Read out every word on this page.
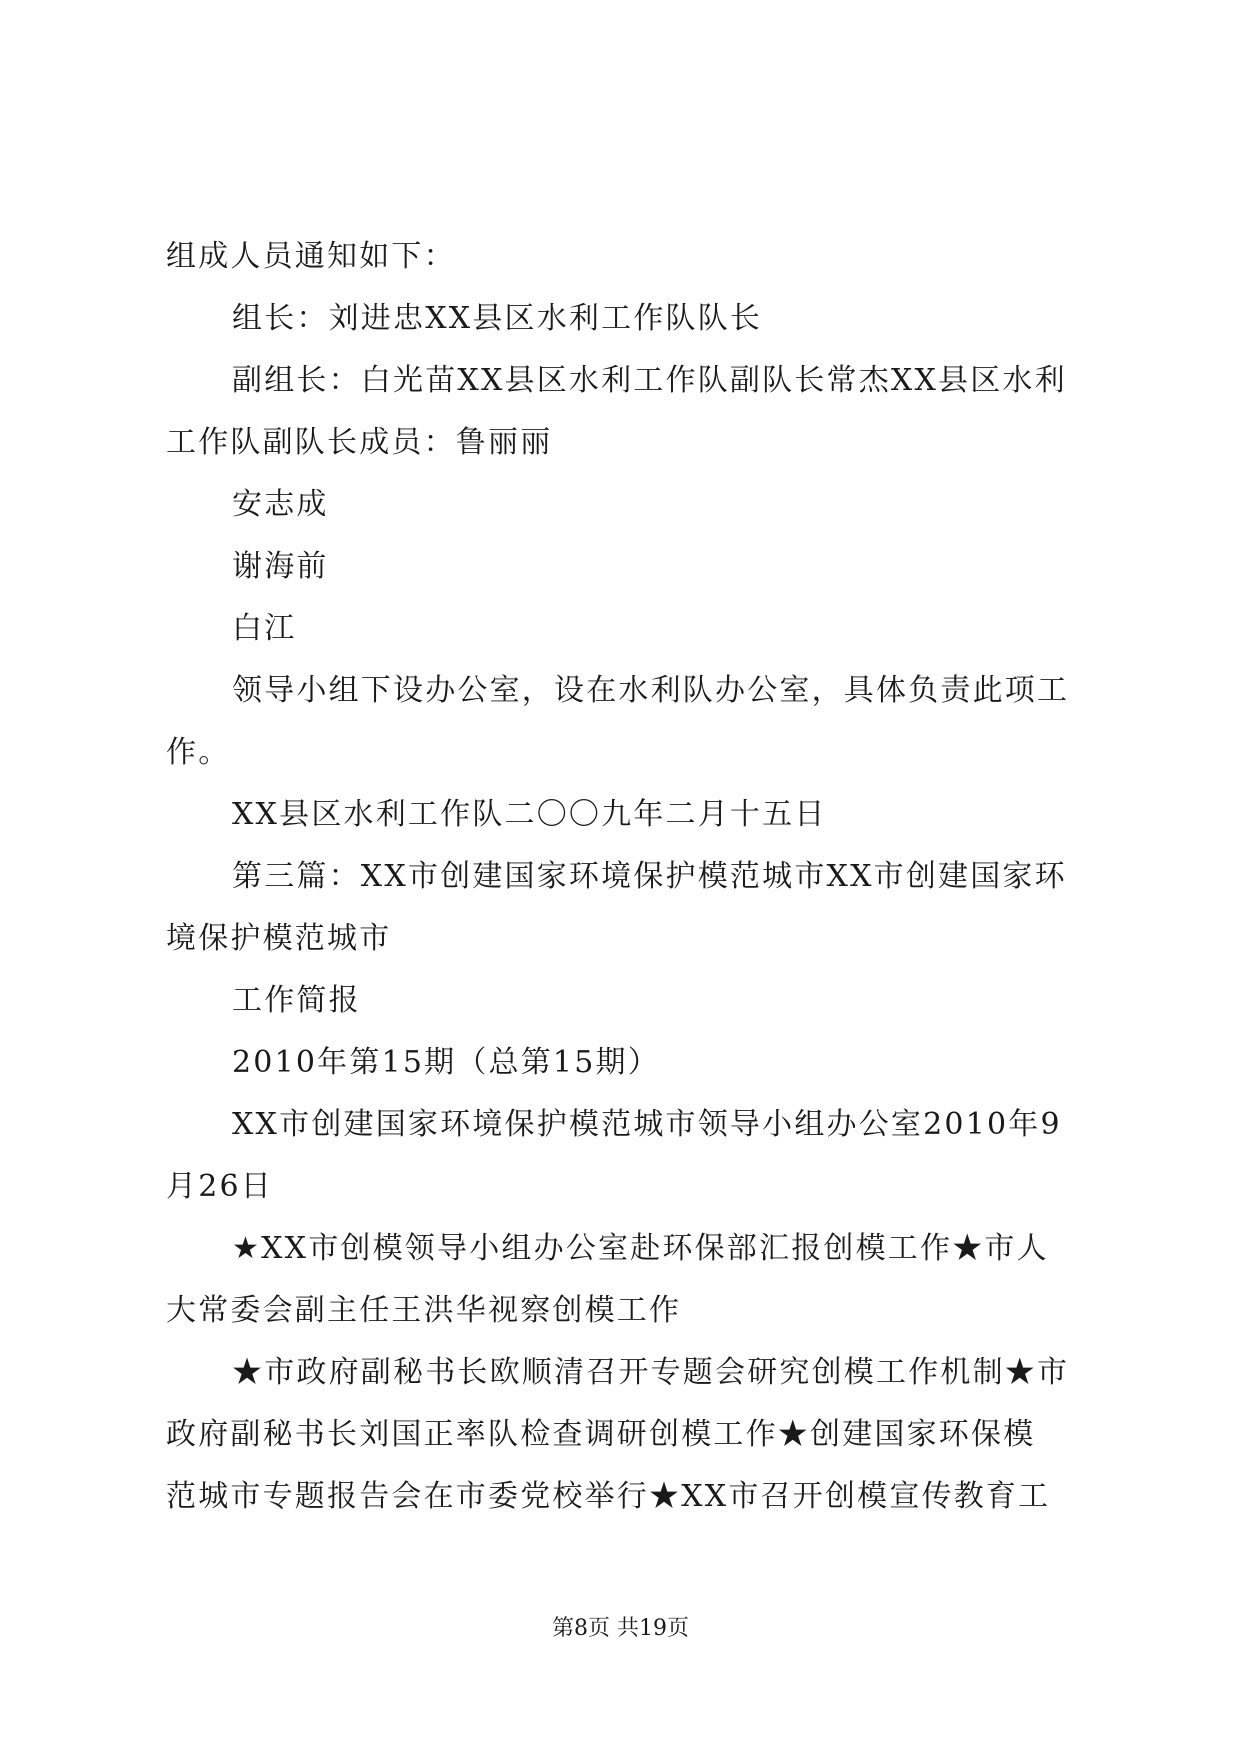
组成人员通知如下：
组长：刘进忠XX县区水利工作队队长
副组长：白光苗XX县区水利工作队副队长常杰XX县区水利
工作队副队长成员：鲁丽丽
安志成
谢海前
白江
领导小组下设办公室，设在水利队办公室，具体负责此项工
作。
XX县区水利工作队二〇〇九年二月十五日
第三篇：XX市创建国家环境保护模范城市XX市创建国家环
境保护模范城市
工作简报
2010年第15期（总第15期）
XX市创建国家环境保护模范城市领导小组办公室2010年9
月26日
★XX市创模领导小组办公室赴环保部汇报创模工作★市人
大常委会副主任王洪华视察创模工作
★市政府副秘书长欧顺清召开专题会研究创模工作机制★市
政府副秘书长刘国正率队检查调研创模工作★创建国家环保模
范城市专题报告会在市委党校举行★XX市召开创模宣传教育工
第8页 共19页
